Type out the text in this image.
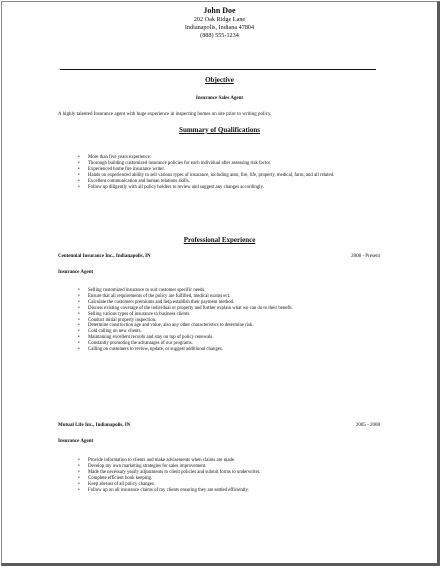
John Doe
202 Oak Ridge Lane
Indianapolis, Indiana 47804
(888) 555-1234
Objective
Insurance Sales Agent
A highly talented Insurance agent with huge experience in inspecting homes on site prior to writing policy.
Summary of Qualifications
• More than five years experience.
• Thorough building customized insurance policies for each individual after assessing risk factor.
• Experienced home fire insurance writer.
• Hands on experienced ability to sell various types of insurance, including auto, fire, life, property, medical, farm, and all related.
• Excellent communication and human relations skills.
• Follow up diligently with all policy holders to review and suggest any changes accordingly.
Professional Experience
Centennial Insurance Inc., Indianapolis, IN	2008 - Present
Insurance Agent
• Selling customized insurance to suit customer specific needs.
• Ensure that all requirements of the policy are fulfilled, medical exams ect.
• Calculate the customers premiums and help establish their payment method.
• Discuss existing coverage of the individual or property and further explain what we can do to their benefit.
• Selling various types of insurance to business clients.
• Conduct initial property inspection.
• Determine construction age and value, also any other characteristics to determine risk.
• Cold calling on new clients.
• Maintaining excellent records and stay on top of policy renewals.
• Constantly promoting the advantages of our programs.
• Calling on customers to review, update, or suggest additional changes.
Mutual Life Inc., Indianapolis, IN	2005 - 2008
Insurance Agent
• Provide information to clients and make advisements when claims are made.
• Develop my own marketing strategies for sales improvement.
• Made the necessary yearly adjustments to client policies and submit forms to underwriter.
• Complete efficient book keeping.
• Keep abreast of all policy changes.
• Follow up on all insurance claims of my clients ensuring they are settled efficiently.
